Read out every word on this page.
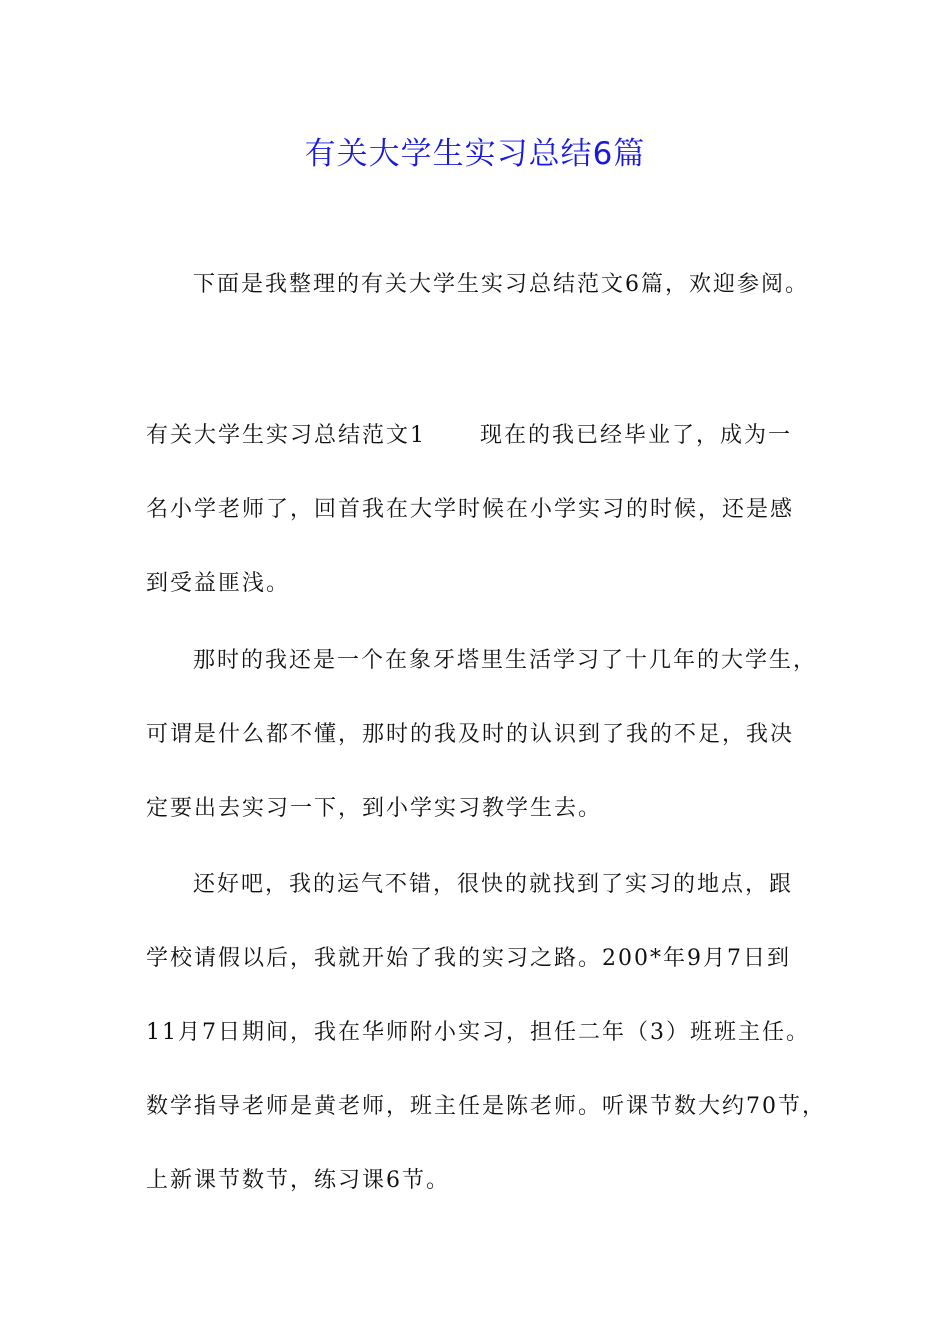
有关大学生实习总结6篇
下面是我整理的有关大学生实习总结范文6篇，欢迎参阅。
有关大学生实习总结范文1 现在的我已经毕业了，成为一
名小学老师了，回首我在大学时候在小学实习的时候，还是感
到受益匪浅。
那时的我还是一个在象牙塔里生活学习了十几年的大学生，
可谓是什么都不懂，那时的我及时的认识到了我的不足，我决
定要出去实习一下，到小学实习教学生去。
还好吧，我的运气不错，很快的就找到了实习的地点，跟
学校请假以后，我就开始了我的实习之路。200*年9月7日到
11月7日期间，我在华师附小实习，担任二年（3）班班主任。
数学指导老师是黄老师，班主任是陈老师。听课节数大约70节，
上新课节数节，练习课6节。
